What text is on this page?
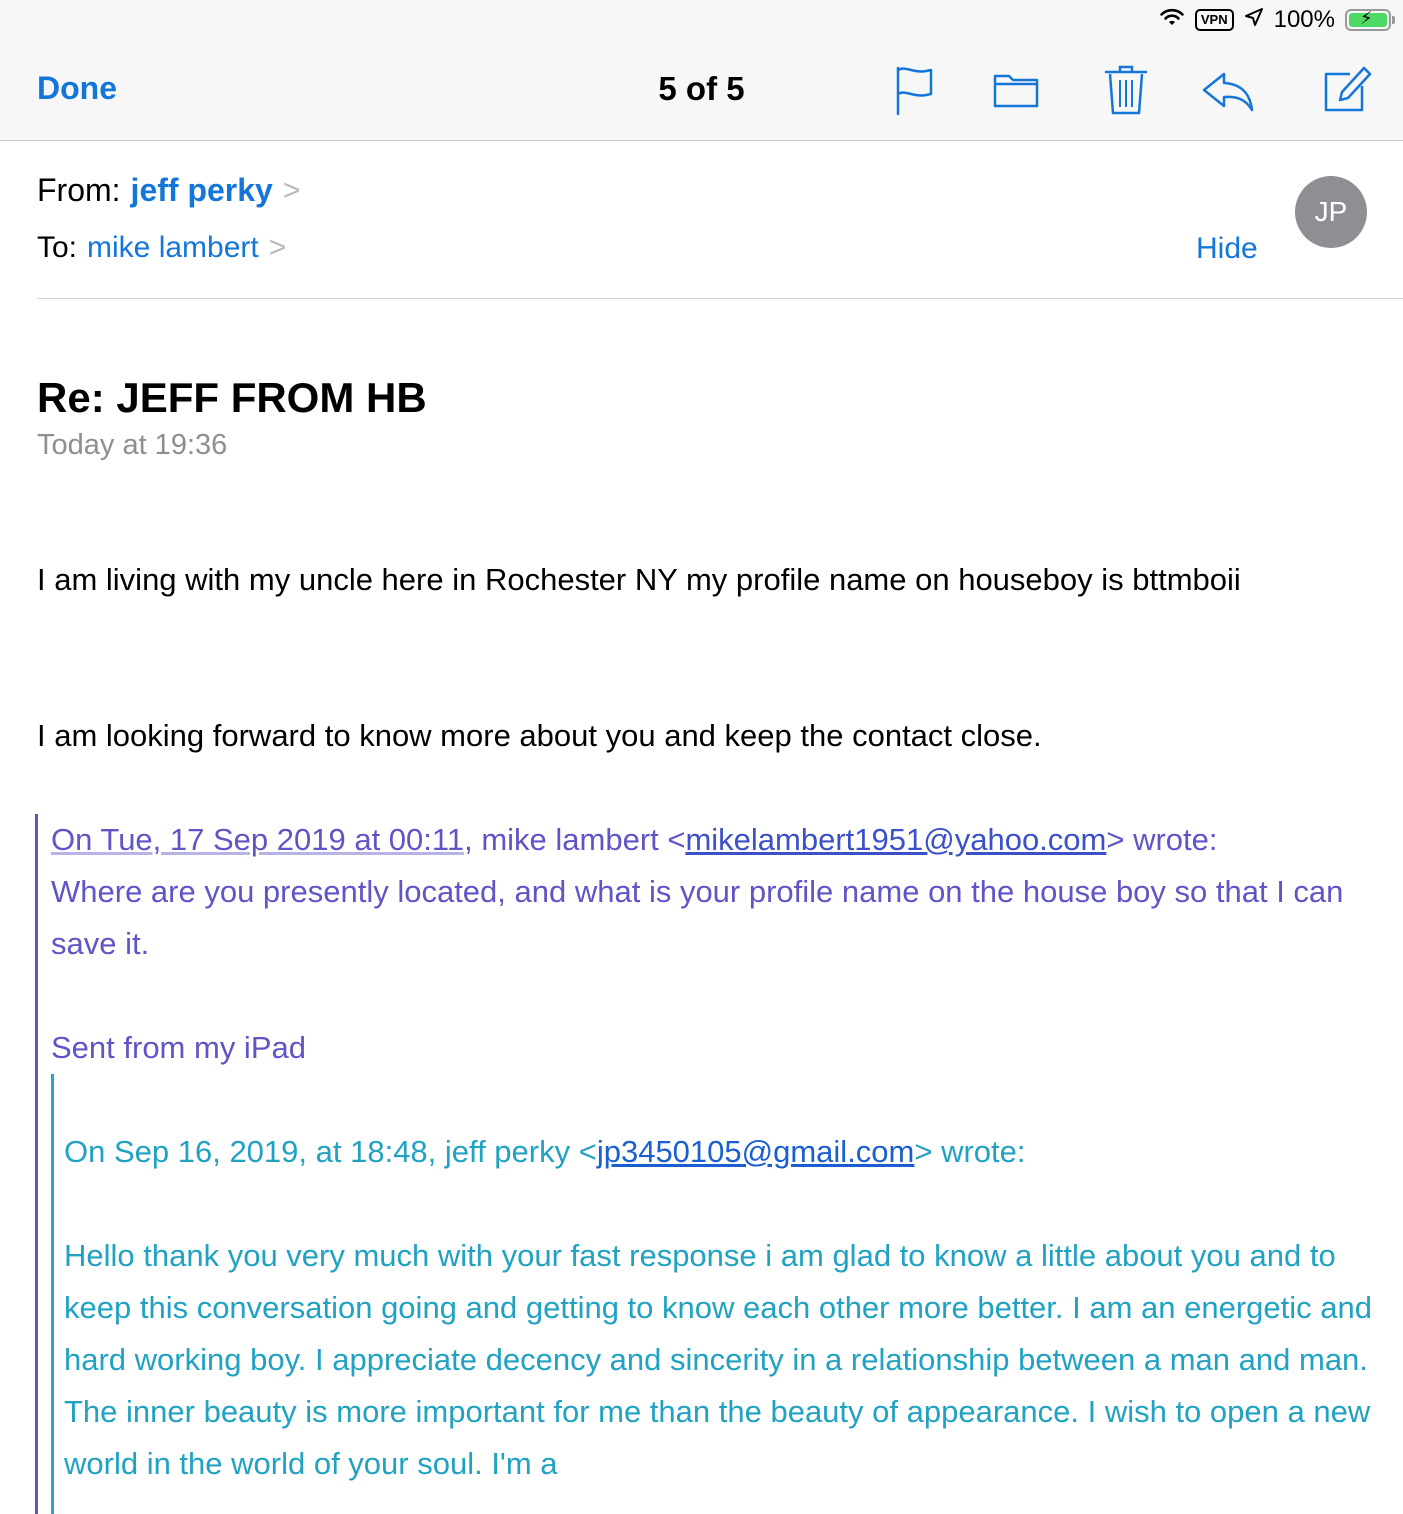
VPN 100% ⚡
Done	5 of 5
From: jeff perky >
To: mike lambert >
JP
Hide
Re: JEFF FROM HB
Today at 19:36
I am living with my uncle here in Rochester NY my profile name on houseboy is bttmboii
I am looking forward to know more about you and keep the contact close.
On Tue, 17 Sep 2019 at 00:11, mike lambert <mikelambert1951@yahoo.com> wrote:
Where are you presently located, and what is your profile name on the house boy so that I can save it.
Sent from my iPad
On Sep 16, 2019, at 18:48, jeff perky <jp3450105@gmail.com> wrote:
Hello thank you very much with your fast response i am glad to know a little about you and to keep this conversation going and getting to know each other more better. I am an energetic and hard working boy. I appreciate decency and sincerity in a relationship between a man and man. The inner beauty is more important for me than the beauty of appearance. I wish to open a new world in the world of your soul. I'm a
